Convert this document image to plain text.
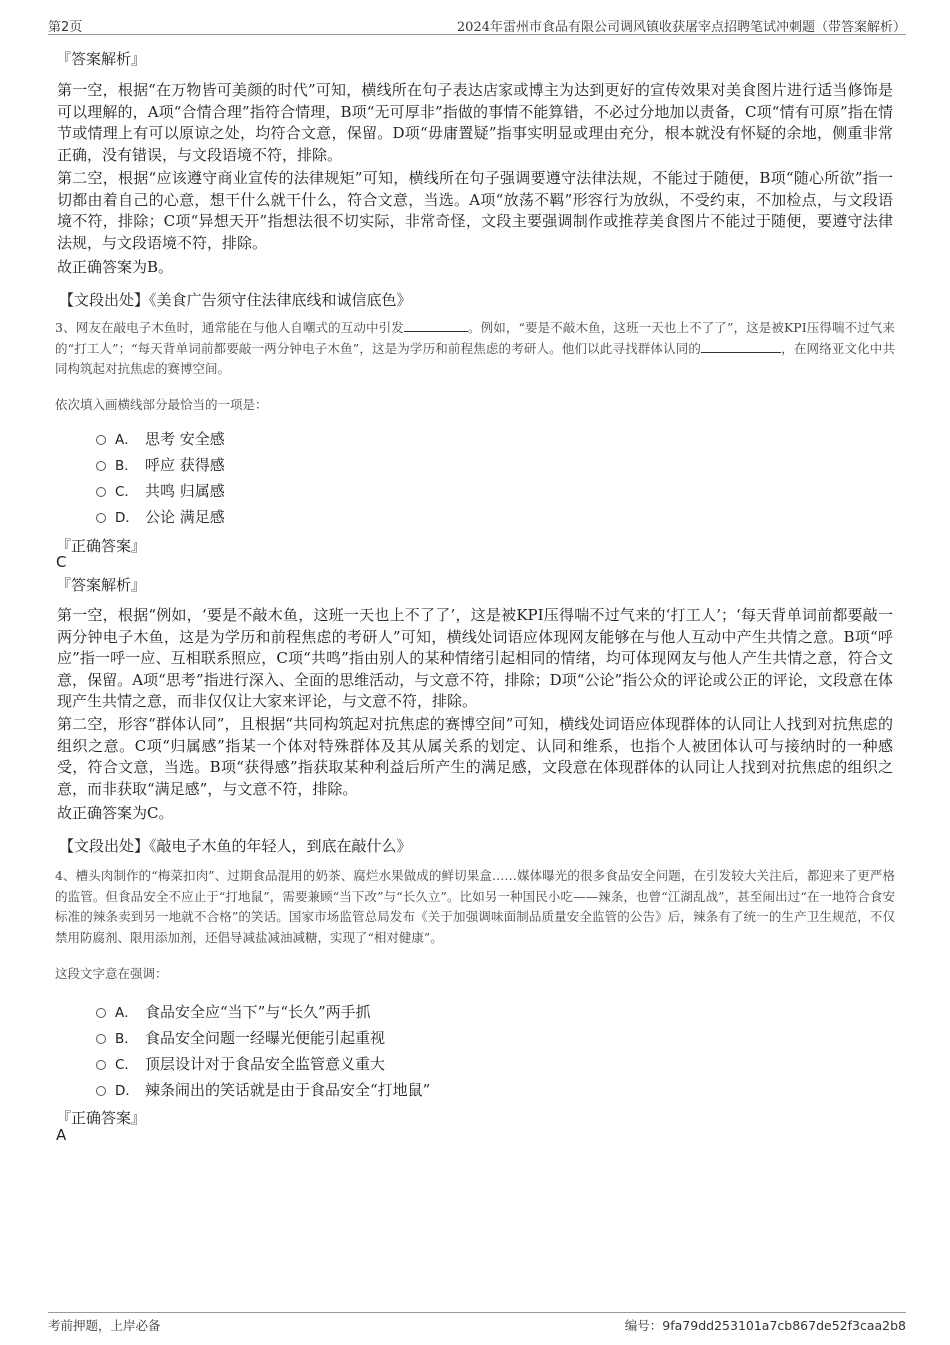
第2页	2024年雷州市食品有限公司调风镇收获屠宰点招聘笔试冲刺题（带答案解析）
『答案解析』
第一空，根据“在万物皆可美颜的时代”可知，横线所在句子表达店家或博主为达到更好的宣传效果对美食图片进行适当修饰是可以理解的，A项“合情合理”指符合情理，B项“无可厚非”指做的事情不能算错，不必过分地加以责备，C项“情有可原”指在情节或情理上有可以原谅之处，均符合文意，保留。D项“毋庸置疑”指事实明显或理由充分，根本就没有怀疑的余地，侧重非常正确，没有错误，与文段语境不符，排除。
第二空，根据“应该遵守商业宣传的法律规矩”可知，横线所在句子强调要遵守法律法规，不能过于随便，B项“随心所欲”指一切都由着自己的心意，想干什么就干什么，符合文意，当选。A项“放荡不羁”形容行为放纵，不受约束，不加检点，与文段语境不符，排除；C项“异想天开”指想法很不切实际，非常奇怪，文段主要强调制作或推荐美食图片不能过于随便，要遵守法律法规，与文段语境不符，排除。
故正确答案为B。
【文段出处】《美食广告须守住法律底线和诚信底色》
3、网友在敲电子木鱼时，通常能在与他人自嘲式的互动中引发	。例如，“要是不敲木鱼，这班一天也上不了了”，这是被KPI压得喘不过气来的“打工人”；“每天背单词前都要敲一两分钟电子木鱼”，这是为学历和前程焦虑的考研人。他们以此寻找群体认同的	，在网络亚文化中共同构筑起对抗焦虑的赛博空间。
依次填入画横线部分最恰当的一项是：
A． 思考 安全感
B． 呼应 获得感
C． 共鸣 归属感
D． 公论 满足感
『正确答案』
C
『答案解析』
第一空，根据“例如，‘要是不敲木鱼，这班一天也上不了了’，这是被KPI压得喘不过气来的‘打工人’；‘每天背单词前都要敲一两分钟电子木鱼，这是为学历和前程焦虑的考研人”可知，横线处词语应体现网友能够在与他人互动中产生共情之意。B项“呼应”指一呼一应、互相联系照应，C项“共鸣”指由别人的某种情绪引起相同的情绪，均可体现网友与他人产生共情之意，符合文意，保留。A项“思考”指进行深入、全面的思维活动，与文意不符，排除；D项“公论”指公众的评论或公正的评论，文段意在体现产生共情之意，而非仅仅让大家来评论，与文意不符，排除。
第二空，形容“群体认同”，且根据“共同构筑起对抗焦虑的赛博空间”可知，横线处词语应体现群体的认同让人找到对抗焦虑的组织之意。C项“归属感”指某一个体对特殊群体及其从属关系的划定、认同和维系，也指个人被团体认可与接纳时的一种感受，符合文意，当选。B项“获得感”指获取某种利益后所产生的满足感，文段意在体现群体的认同让人找到对抗焦虑的组织之意，而非获取“满足感”，与文意不符，排除。
故正确答案为C。
【文段出处】《敲电子木鱼的年轻人，到底在敲什么》
4、槽头肉制作的“梅菜扣肉”、过期食品混用的奶茶、腐烂水果做成的鲜切果盒……媒体曝光的很多食品安全问题，在引发较大关注后，都迎来了更严格的监管。但食品安全不应止于“打地鼠”，需要兼顾“当下改”与“长久立”。比如另一种国民小吃——辣条，也曾“江湖乱战”，甚至闹出过“在一地符合食安标准的辣条卖到另一地就不合格”的笑话。国家市场监管总局发布《关于加强调味面制品质量安全监管的公告》后，辣条有了统一的生产卫生规范，不仅禁用防腐剂、限用添加剂，还倡导减盐减油减糖，实现了“相对健康”。
这段文字意在强调：
A． 食品安全应“当下”与“长久”两手抓
B． 食品安全问题一经曝光便能引起重视
C． 顶层设计对于食品安全监管意义重大
D． 辣条闹出的笑话就是由于食品安全“打地鼠”
『正确答案』
A
考前押题，上岸必备	编号：9fa79dd253101a7cb867de52f3caa2b8
